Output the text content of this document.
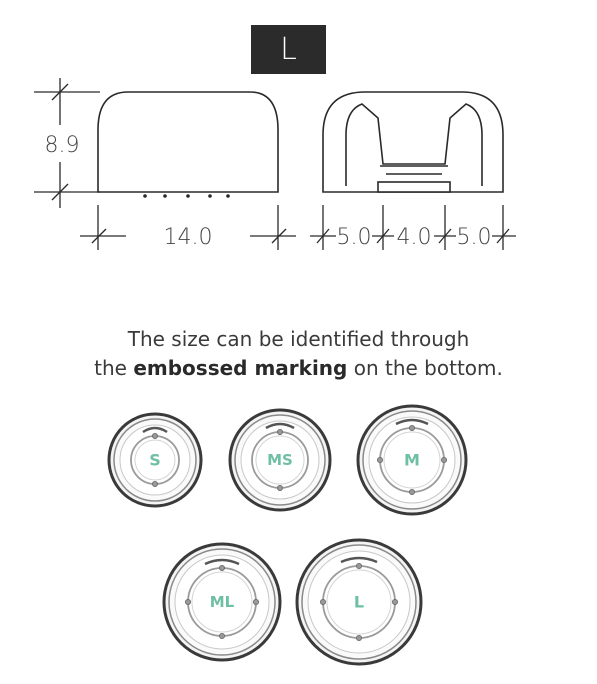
L
8.9
14.0	5.0 4.0 5.0
S	MS	M
ML	L
The size can be identified through
the embossed marking on the bottom.
